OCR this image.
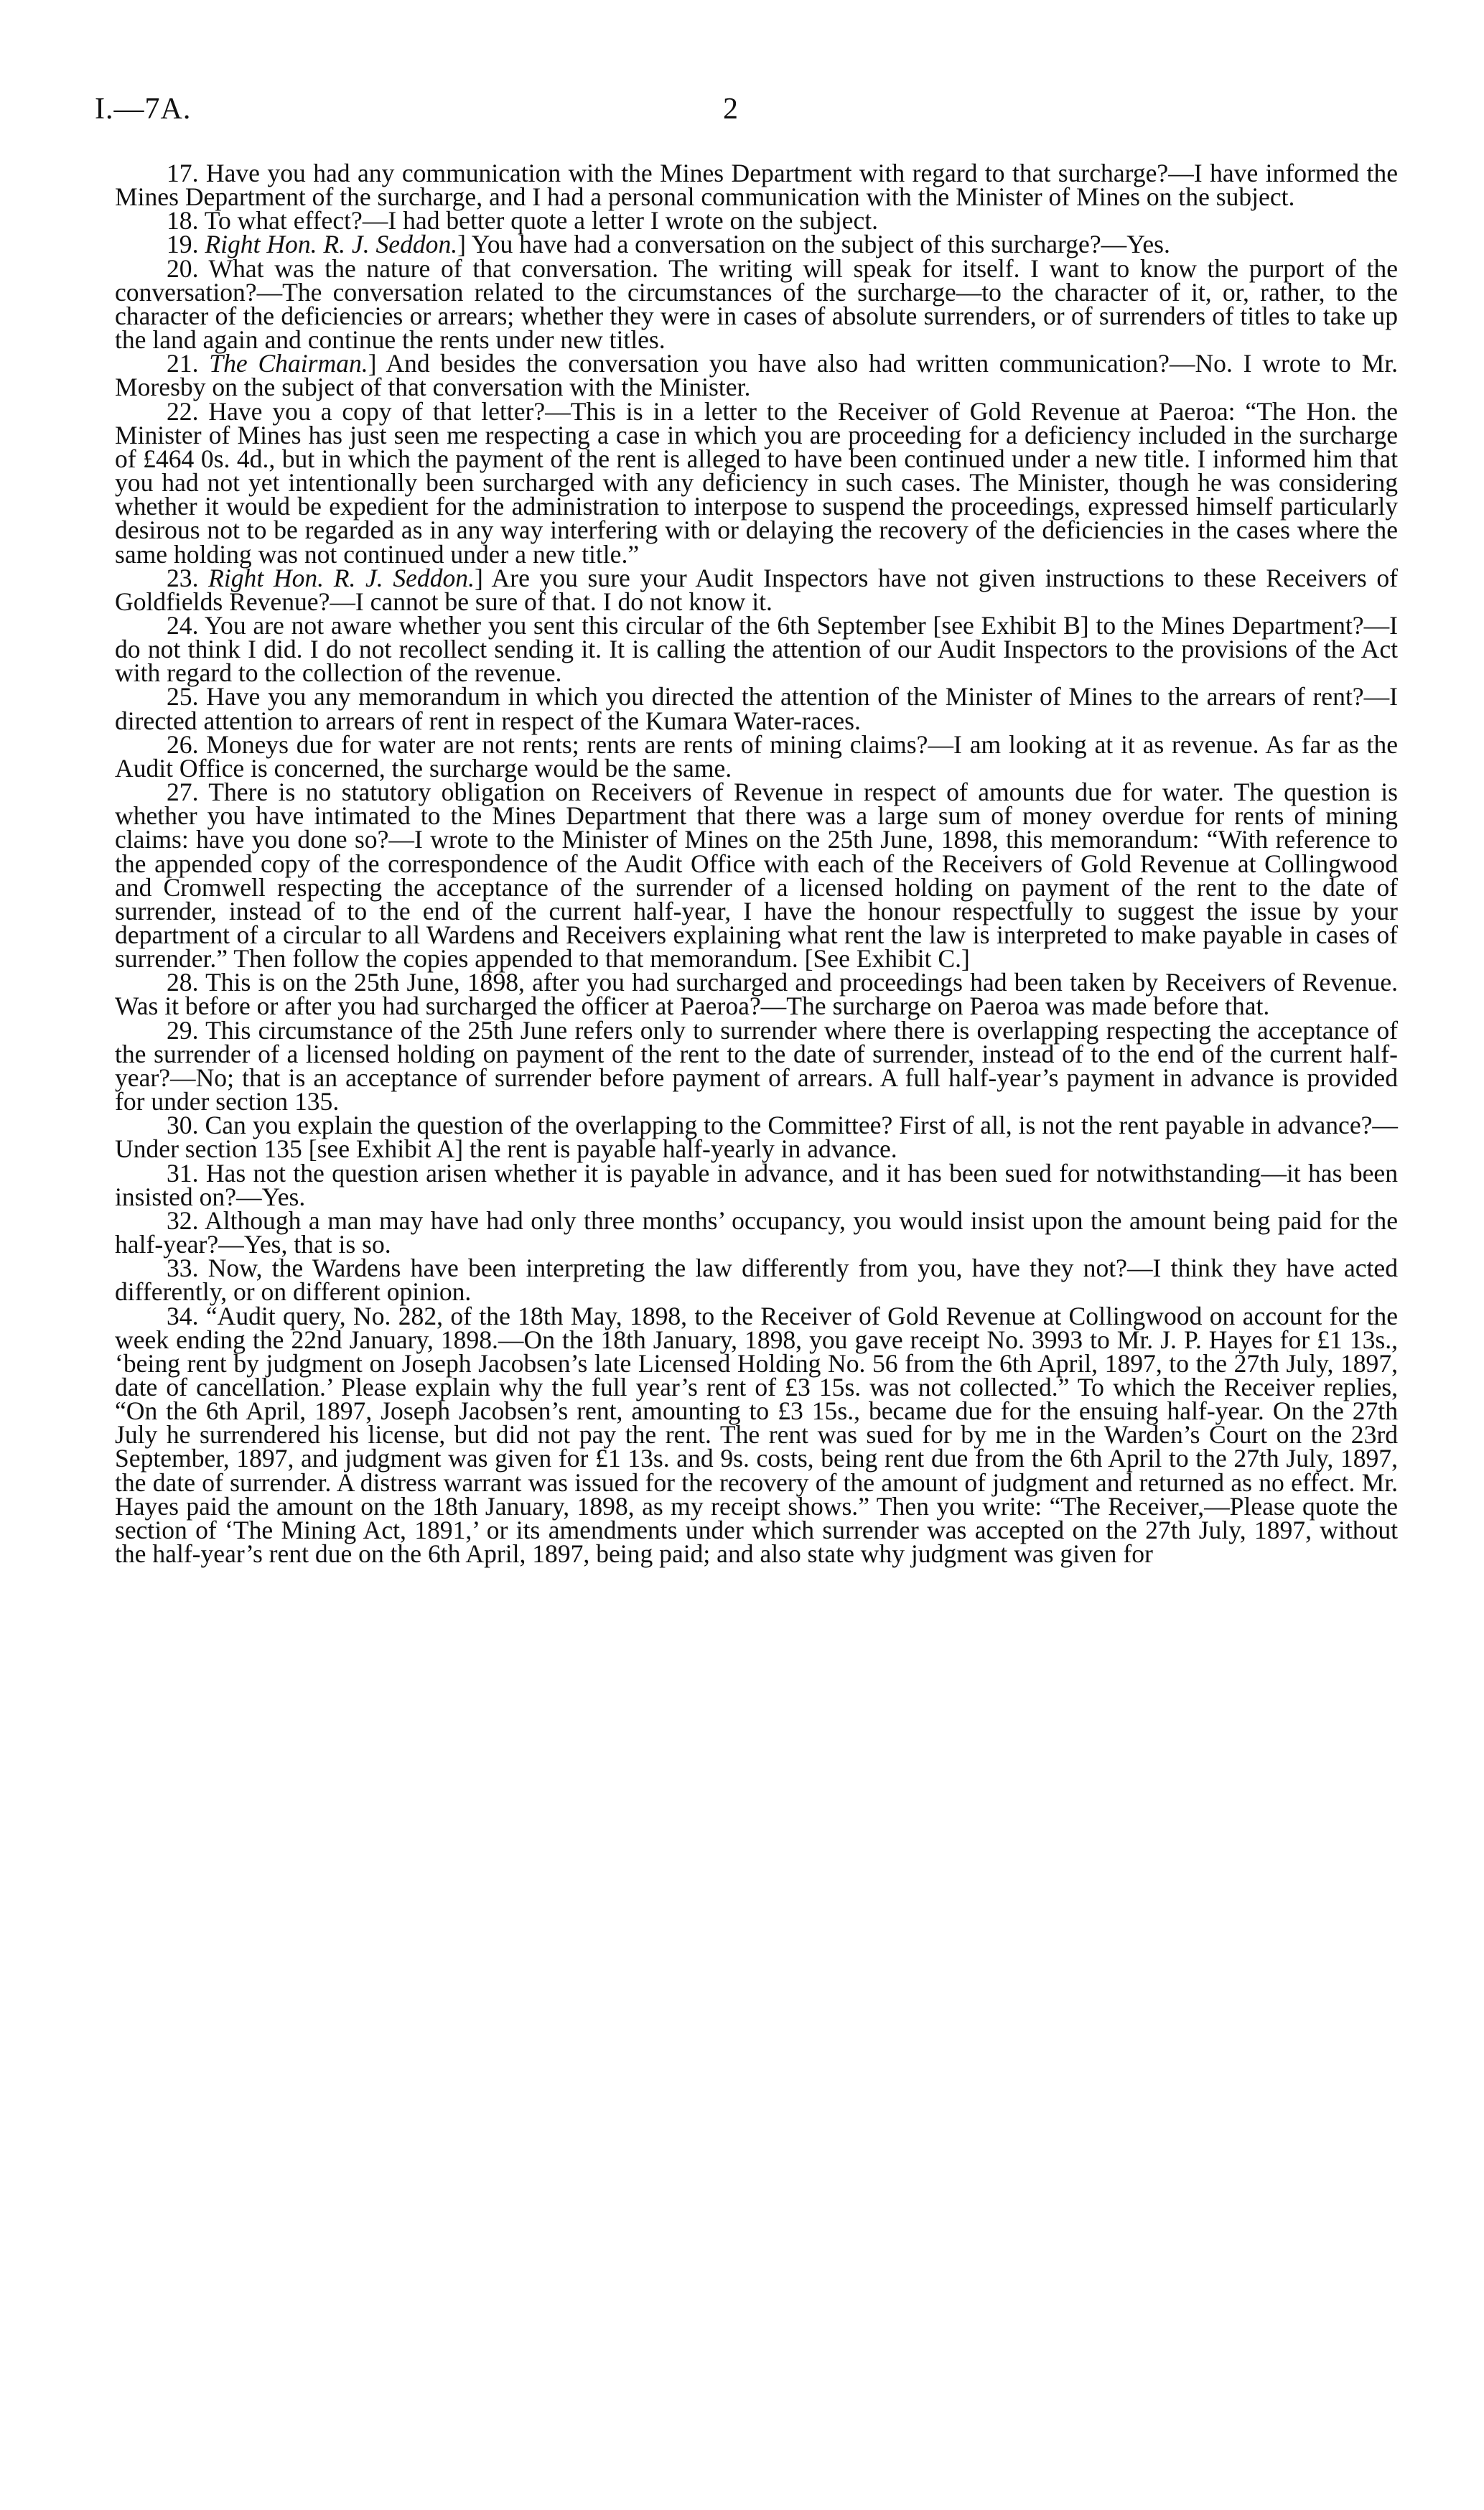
I.—7A.	2

17. Have you had any communication with the Mines Department with regard to that surcharge?—I have informed the Mines Department of the surcharge, and I had a personal communication with the Minister of Mines on the subject.

18. To what effect?—I had better quote a letter I wrote on the subject.

19. Right Hon. R. J. Seddon.] You have had a conversation on the subject of this surcharge?—Yes.

20. What was the nature of that conversation. The writing will speak for itself. I want to know the purport of the conversation?—The conversation related to the circumstances of the surcharge—to the character of it, or, rather, to the character of the deficiencies or arrears; whether they were in cases of absolute surrenders, or of surrenders of titles to take up the land again and continue the rents under new titles.

21. The Chairman.] And besides the conversation you have also had written communication?—No. I wrote to Mr. Moresby on the subject of that conversation with the Minister.

22. Have you a copy of that letter?—This is in a letter to the Receiver of Gold Revenue at Paeroa: “The Hon. the Minister of Mines has just seen me respecting a case in which you are proceeding for a deficiency included in the surcharge of £464 0s. 4d., but in which the payment of the rent is alleged to have been continued under a new title. I informed him that you had not yet intentionally been surcharged with any deficiency in such cases. The Minister, though he was considering whether it would be expedient for the administration to interpose to suspend the proceedings, expressed himself particularly desirous not to be regarded as in any way interfering with or delaying the recovery of the deficiencies in the cases where the same holding was not continued under a new title.”

23. Right Hon. R. J. Seddon.] Are you sure your Audit Inspectors have not given instructions to these Receivers of Goldfields Revenue?—I cannot be sure of that. I do not know it.

24. You are not aware whether you sent this circular of the 6th September [see Exhibit B] to the Mines Department?—I do not think I did. I do not recollect sending it. It is calling the attention of our Audit Inspectors to the provisions of the Act with regard to the collection of the revenue.

25. Have you any memorandum in which you directed the attention of the Minister of Mines to the arrears of rent?—I directed attention to arrears of rent in respect of the Kumara Water-races.

26. Moneys due for water are not rents; rents are rents of mining claims?—I am looking at it as revenue. As far as the Audit Office is concerned, the surcharge would be the same.

27. There is no statutory obligation on Receivers of Revenue in respect of amounts due for water. The question is whether you have intimated to the Mines Department that there was a large sum of money overdue for rents of mining claims: have you done so?—I wrote to the Minister of Mines on the 25th June, 1898, this memorandum: “With reference to the appended copy of the correspondence of the Audit Office with each of the Receivers of Gold Revenue at Collingwood and Cromwell respecting the acceptance of the surrender of a licensed holding on payment of the rent to the date of surrender, instead of to the end of the current half-year, I have the honour respectfully to suggest the issue by your department of a circular to all Wardens and Receivers explaining what rent the law is interpreted to make payable in cases of surrender.” Then follow the copies appended to that memorandum. [See Exhibit C.]

28. This is on the 25th June, 1898, after you had surcharged and proceedings had been taken by Receivers of Revenue. Was it before or after you had surcharged the officer at Paeroa?—The surcharge on Paeroa was made before that.

29. This circumstance of the 25th June refers only to surrender where there is overlapping respecting the acceptance of the surrender of a licensed holding on payment of the rent to the date of surrender, instead of to the end of the current half-year?—No; that is an acceptance of surrender before payment of arrears. A full half-year’s payment in advance is provided for under section 135.

30. Can you explain the question of the overlapping to the Committee? First of all, is not the rent payable in advance?—Under section 135 [see Exhibit A] the rent is payable half-yearly in advance.

31. Has not the question arisen whether it is payable in advance, and it has been sued for notwithstanding—it has been insisted on?—Yes.

32. Although a man may have had only three months’ occupancy, you would insist upon the amount being paid for the half-year?—Yes, that is so.

33. Now, the Wardens have been interpreting the law differently from you, have they not?—I think they have acted differently, or on different opinion.

34. “Audit query, No. 282, of the 18th May, 1898, to the Receiver of Gold Revenue at Collingwood on account for the week ending the 22nd January, 1898.—On the 18th January, 1898, you gave receipt No. 3993 to Mr. J. P. Hayes for £1 13s., ‘being rent by judgment on Joseph Jacobsen’s late Licensed Holding No. 56 from the 6th April, 1897, to the 27th July, 1897, date of cancellation.’ Please explain why the full year’s rent of £3 15s. was not collected.” To which the Receiver replies, “On the 6th April, 1897, Joseph Jacobsen’s rent, amounting to £3 15s., became due for the ensuing half-year. On the 27th July he surrendered his license, but did not pay the rent. The rent was sued for by me in the Warden’s Court on the 23rd September, 1897, and judgment was given for £1 13s. and 9s. costs, being rent due from the 6th April to the 27th July, 1897, the date of surrender. A distress warrant was issued for the recovery of the amount of judgment and returned as no effect. Mr. Hayes paid the amount on the 18th January, 1898, as my receipt shows.” Then you write: “The Receiver,—Please quote the section of ‘The Mining Act, 1891,’ or its amendments under which surrender was accepted on the 27th July, 1897, without the half-year’s rent due on the 6th April, 1897, being paid; and also state why judgment was given for
